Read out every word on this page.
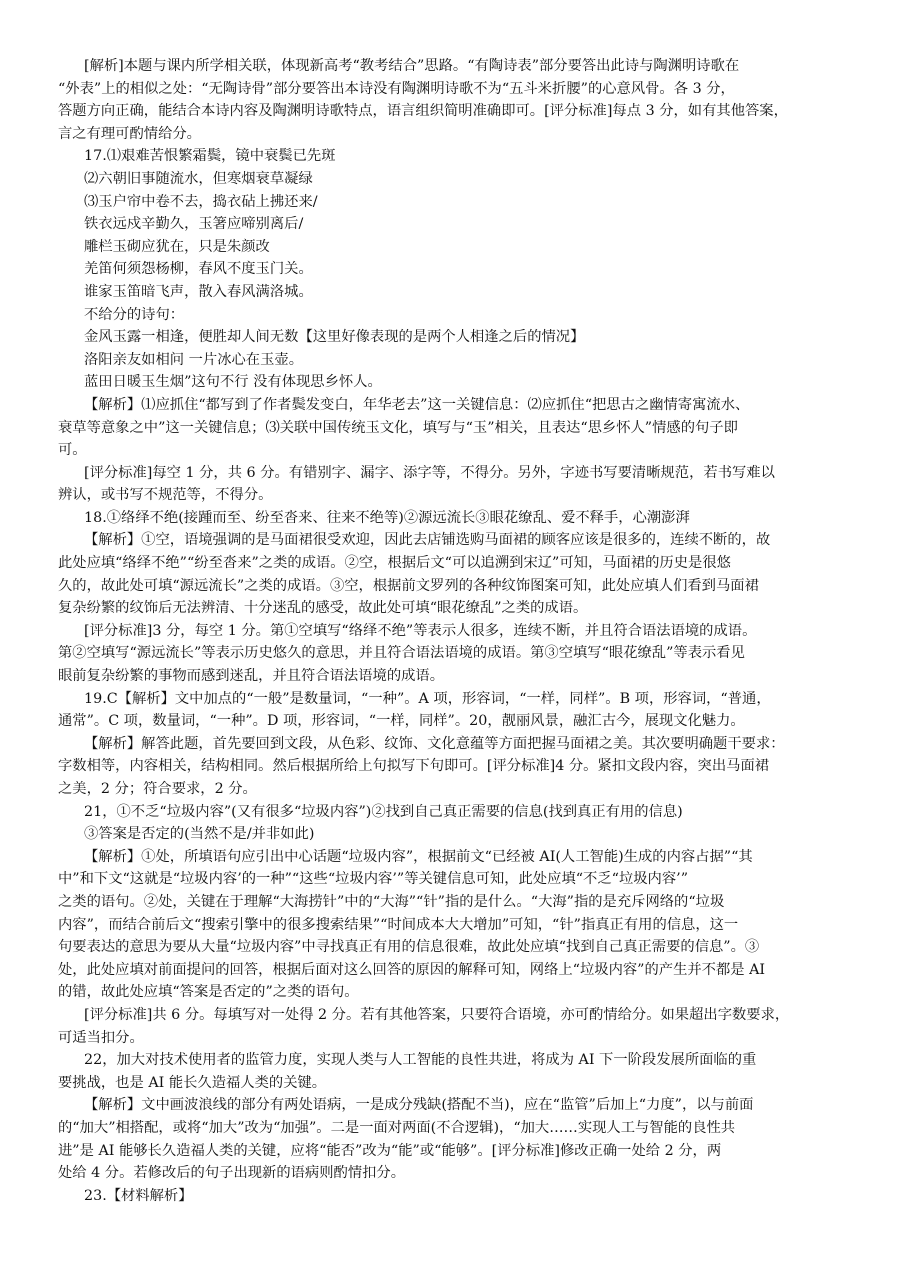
[解析]本题与课内所学相关联，体现新高考“教考结合”思路。“有陶诗表”部分要答出此诗与陶渊明诗歌在

“外表”上的相似之处：“无陶诗骨”部分要答出本诗没有陶渊明诗歌不为“五斗米折腰”的心意风骨。各 3 分，

答题方向正确，能结合本诗内容及陶渊明诗歌特点，语言组织简明准确即可。[评分标准]每点 3 分，如有其他答案，

言之有理可酌情给分。

17.⑴艰难苦恨繁霜鬓，镜中衰鬓已先斑

⑵六朝旧事随流水，但寒烟衰草凝绿

⑶玉户帘中卷不去，捣衣砧上拂还来/

铁衣远戍辛勤久，玉箸应啼别离后/

雕栏玉砌应犹在，只是朱颜改

羌笛何须怨杨柳，春风不度玉门关。

谁家玉笛暗飞声，散入春风满洛城。

不给分的诗句：

金风玉露一相逢，便胜却人间无数【这里好像表现的是两个人相逢之后的情况】

洛阳亲友如相问 一片冰心在玉壶。

蓝田日暖玉生烟”这句不行 没有体现思乡怀人。

【解析】⑴应抓住“都写到了作者鬓发变白，年华老去”这一关键信息：⑵应抓住“把思古之幽情寄寓流水、

衰草等意象之中”这一关键信息；⑶关联中国传统玉文化，填写与“玉”相关，且表达“思乡怀人”情感的句子即

可。

[评分标准]每空 1 分，共 6 分。有错别字、漏字、添字等，不得分。另外，字迹书写要清晰规范，若书写难以

辨认，或书写不规范等，不得分。

18.①络绎不绝(接踵而至、纷至沓来、往来不绝等)②源远流长③眼花缭乱、爱不释手，心潮澎湃

【解析】①空，语境强调的是马面裙很受欢迎，因此去店铺选购马面裙的顾客应该是很多的，连续不断的，故

此处应填“络绎不绝”“纷至沓来”之类的成语。②空，根据后文“可以追溯到宋辽”可知，马面裙的历史是很悠

久的，故此处可填“源远流长”之类的成语。③空，根据前文罗列的各种纹饰图案可知，此处应填人们看到马面裙

复杂纷繁的纹饰后无法辨清、十分迷乱的感受，故此处可填“眼花缭乱”之类的成语。

[评分标准]3 分，每空 1 分。第①空填写“络绎不绝”等表示人很多，连续不断，并且符合语法语境的成语。

第②空填写“源远流长”等表示历史悠久的意思，并且符合语法语境的成语。第③空填写“眼花缭乱”等表示看见

眼前复杂纷繁的事物而感到迷乱，并且符合语法语境的成语。

19.C【解析】文中加点的“一般”是数量词，“一种”。A 项，形容词，“一样，同样”。B 项，形容词，“普通，

通常”。C 项，数量词，“一种”。D 项，形容词，“一样，同样”。20，靓丽风景，融汇古今，展现文化魅力。

【解析】解答此题，首先要回到文段，从色彩、纹饰、文化意蕴等方面把握马面裙之美。其次要明确题干要求：

字数相等，内容相关，结构相同。然后根据所给上句拟写下句即可。[评分标准]4 分。紧扣文段内容，突出马面裙

之美，2 分；符合要求，2 分。

21，①不乏“垃圾内容”(又有很多“垃圾内容”)②找到自己真正需要的信息(找到真正有用的信息)

③答案是否定的(当然不是/并非如此)

【解析】①处，所填语句应引出中心话题“垃圾内容”，根据前文“已经被 AI(人工智能)生成的内容占据”“其

中”和下文“这就是“垃圾内容’的一种”“这些“垃圾内容’”等关键信息可知，此处应填“不乏“垃圾内容’”

之类的语句。②处，关键在于理解“大海捞针”中的“大海”“针”指的是什么。“大海”指的是充斥网络的“垃圾

内容”，而结合前后文“搜索引擎中的很多搜索结果”“时间成本大大增加”可知，“针”指真正有用的信息，这一

句要表达的意思为要从大量“垃圾内容”中寻找真正有用的信息很难，故此处应填“找到自己真正需要的信息”。③

处，此处应填对前面提问的回答，根据后面对这么回答的原因的解释可知，网络上“垃圾内容”的产生并不都是 AI

的错，故此处应填“答案是否定的”之类的语句。

[评分标准]共 6 分。每填写对一处得 2 分。若有其他答案，只要符合语境，亦可酌情给分。如果超出字数要求，

可适当扣分。

22，加大对技术使用者的监管力度，实现人类与人工智能的良性共进，将成为 AI 下一阶段发展所面临的重

要挑战，也是 AI 能长久造福人类的关键。

【解析】文中画波浪线的部分有两处语病，一是成分残缺(搭配不当)，应在“监管”后加上“力度”，以与前面

的“加大”相搭配，或将“加大”改为“加强”。二是一面对两面(不合逻辑)，“加大……实现人工与智能的良性共

进”是 AI 能够长久造福人类的关键，应将“能否”改为“能”或“能够”。[评分标准]修改正确一处给 2 分，两

处给 4 分。若修改后的句子出现新的语病则酌情扣分。

23.【材料解析】
